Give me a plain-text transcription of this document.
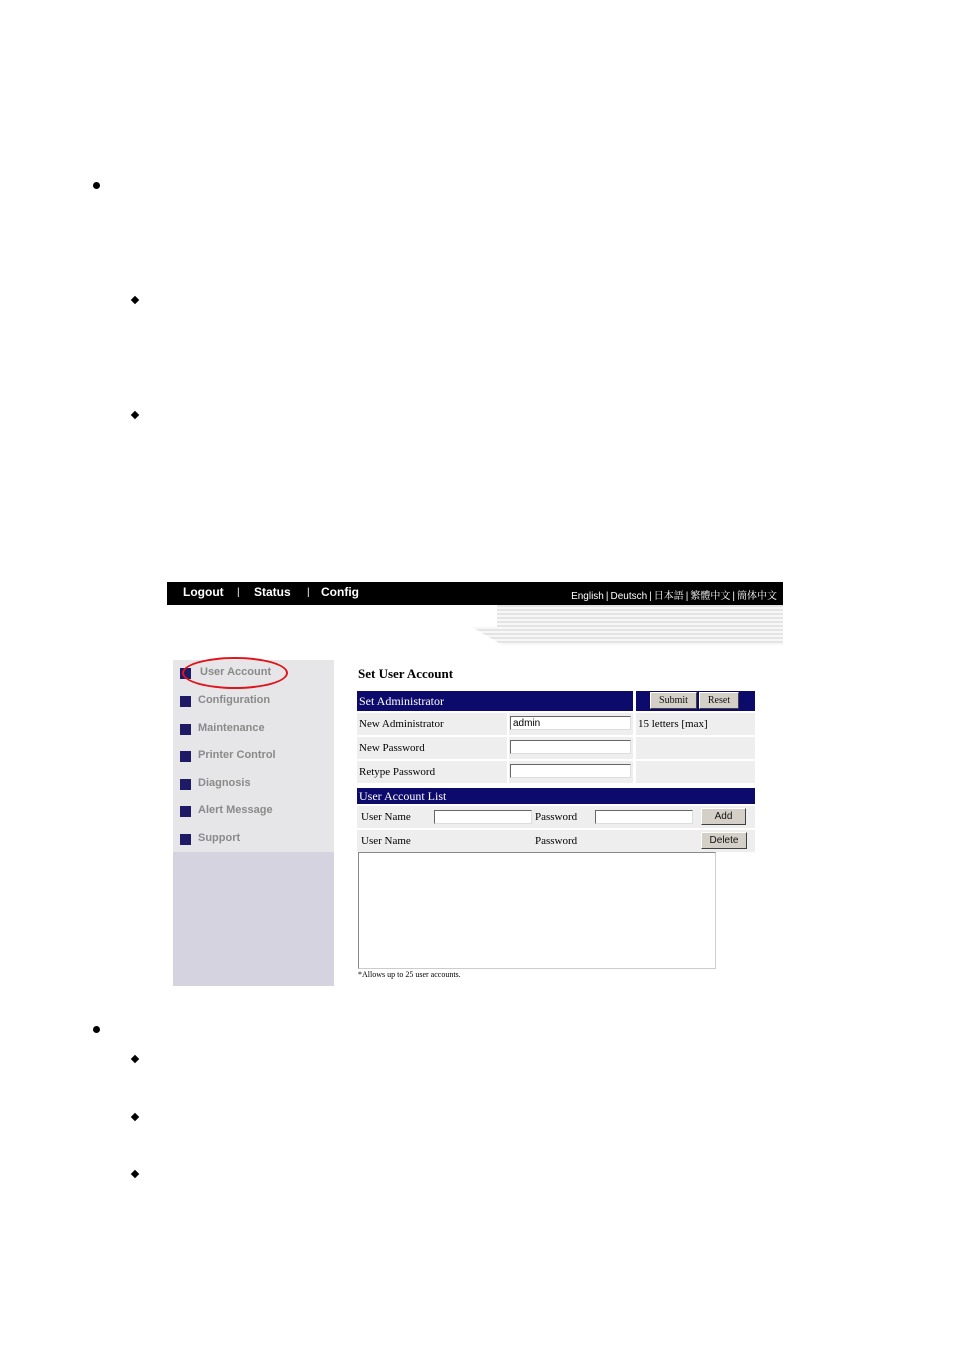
Logout | Status | Config	English | Deutsch | 日本語 | 繁體中文 | 簡体中文
User Account
Configuration
Maintenance
Printer Control
Diagnosis
Alert Message
Support
Set User Account
Set Administrator	Submit	Reset
New Administrator	admin	15 letters [max]
New Password
Retype Password
User Account List
User Name	Password	Add
User Name	Password	Delete
*Allows up to 25 user accounts.
